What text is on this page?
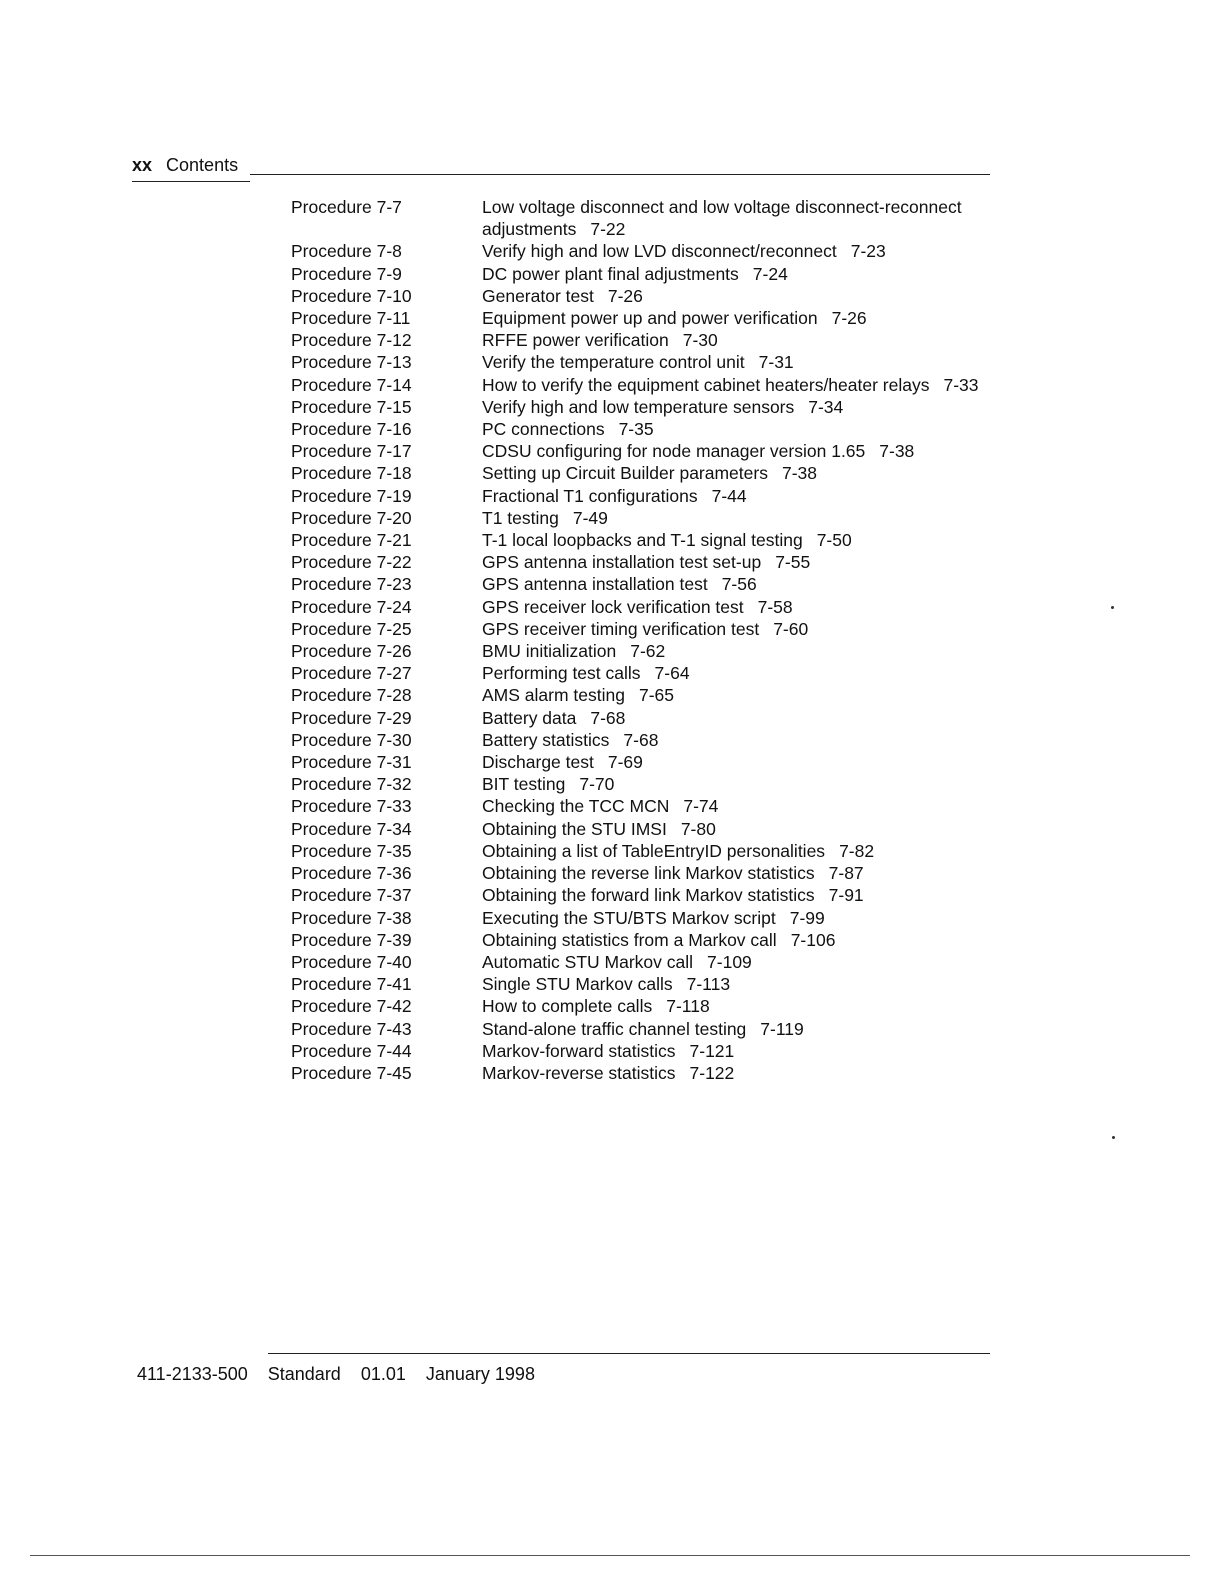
xx Contents
Procedure 7-7	Low voltage disconnect and low voltage disconnect-reconnect adjustments 7-22
Procedure 7-8	Verify high and low LVD disconnect/reconnect 7-23
Procedure 7-9	DC power plant final adjustments 7-24
Procedure 7-10	Generator test 7-26
Procedure 7-11	Equipment power up and power verification 7-26
Procedure 7-12	RFFE power verification 7-30
Procedure 7-13	Verify the temperature control unit 7-31
Procedure 7-14	How to verify the equipment cabinet heaters/heater relays 7-33
Procedure 7-15	Verify high and low temperature sensors 7-34
Procedure 7-16	PC connections 7-35
Procedure 7-17	CDSU configuring for node manager version 1.65 7-38
Procedure 7-18	Setting up Circuit Builder parameters 7-38
Procedure 7-19	Fractional T1 configurations 7-44
Procedure 7-20	T1 testing 7-49
Procedure 7-21	T-1 local loopbacks and T-1 signal testing 7-50
Procedure 7-22	GPS antenna installation test set-up 7-55
Procedure 7-23	GPS antenna installation test 7-56
Procedure 7-24	GPS receiver lock verification test 7-58
Procedure 7-25	GPS receiver timing verification test 7-60
Procedure 7-26	BMU initialization 7-62
Procedure 7-27	Performing test calls 7-64
Procedure 7-28	AMS alarm testing 7-65
Procedure 7-29	Battery data 7-68
Procedure 7-30	Battery statistics 7-68
Procedure 7-31	Discharge test 7-69
Procedure 7-32	BIT testing 7-70
Procedure 7-33	Checking the TCC MCN 7-74
Procedure 7-34	Obtaining the STU IMSI 7-80
Procedure 7-35	Obtaining a list of TableEntryID personalities 7-82
Procedure 7-36	Obtaining the reverse link Markov statistics 7-87
Procedure 7-37	Obtaining the forward link Markov statistics 7-91
Procedure 7-38	Executing the STU/BTS Markov script 7-99
Procedure 7-39	Obtaining statistics from a Markov call 7-106
Procedure 7-40	Automatic STU Markov call 7-109
Procedure 7-41	Single STU Markov calls 7-113
Procedure 7-42	How to complete calls 7-118
Procedure 7-43	Stand-alone traffic channel testing 7-119
Procedure 7-44	Markov-forward statistics 7-121
Procedure 7-45	Markov-reverse statistics 7-122
411-2133-500 Standard 01.01 January 1998
